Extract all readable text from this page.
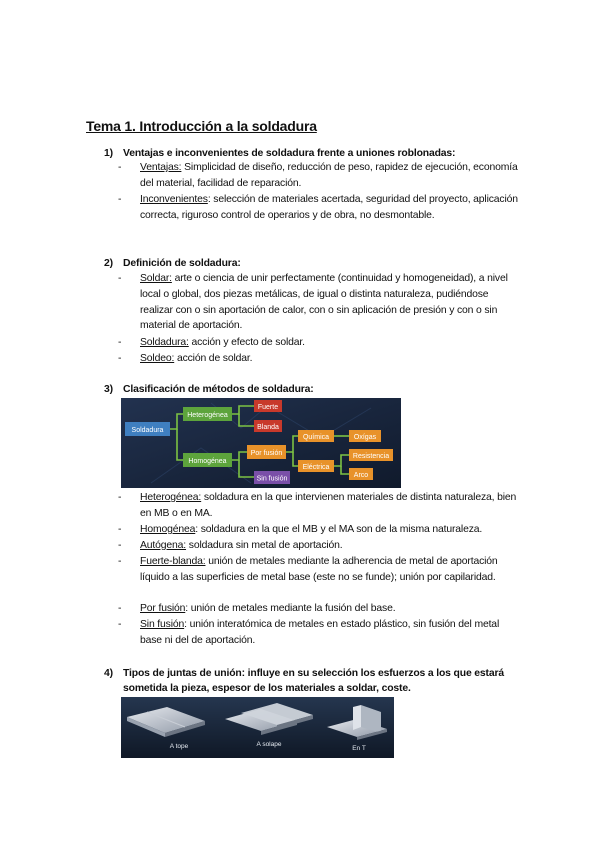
Tema 1. Introducción a la soldadura
1) Ventajas e inconvenientes de soldadura frente a uniones roblonadas:
- Ventajas: Simplicidad de diseño, reducción de peso, rapidez de ejecución, economía del material, facilidad de reparación.
- Inconvenientes: selección de materiales acertada, seguridad del proyecto, aplicación correcta, riguroso control de operarios y de obra, no desmontable.
2) Definición de soldadura:
- Soldar: arte o ciencia de unir perfectamente (continuidad y homogeneidad), a nivel local o global, dos piezas metálicas, de igual o distinta naturaleza, pudiéndose realizar con o sin aportación de calor, con o sin aplicación de presión y con o sin material de aportación.
- Soldadura: acción y efecto de soldar.
- Soldeo: acción de soldar.
3) Clasificación de métodos de soldadura:
Soldadura
Heterogénea
Homogénea
Fuerte
Blanda
Por fusión
Sin fusión
Química
Eléctrica
Oxígas
Resistencia
Arco
- Heterogénea: soldadura en la que intervienen materiales de distinta naturaleza, bien en MB o en MA.
- Homogénea: soldadura en la que el MB y el MA son de la misma naturaleza.
- Autógena: soldadura sin metal de aportación.
- Fuerte-blanda: unión de metales mediante la adherencia de metal de aportación líquido a las superficies de metal base (este no se funde); unión por capilaridad.
- Por fusión: unión de metales mediante la fusión del base.
- Sin fusión: unión interatómica de metales en estado plástico, sin fusión del metal base ni del de aportación.
4) Tipos de juntas de unión: influye en su selección los esfuerzos a los que estará sometida la pieza, espesor de los materiales a soldar, coste.
A tope	A solape
En T
